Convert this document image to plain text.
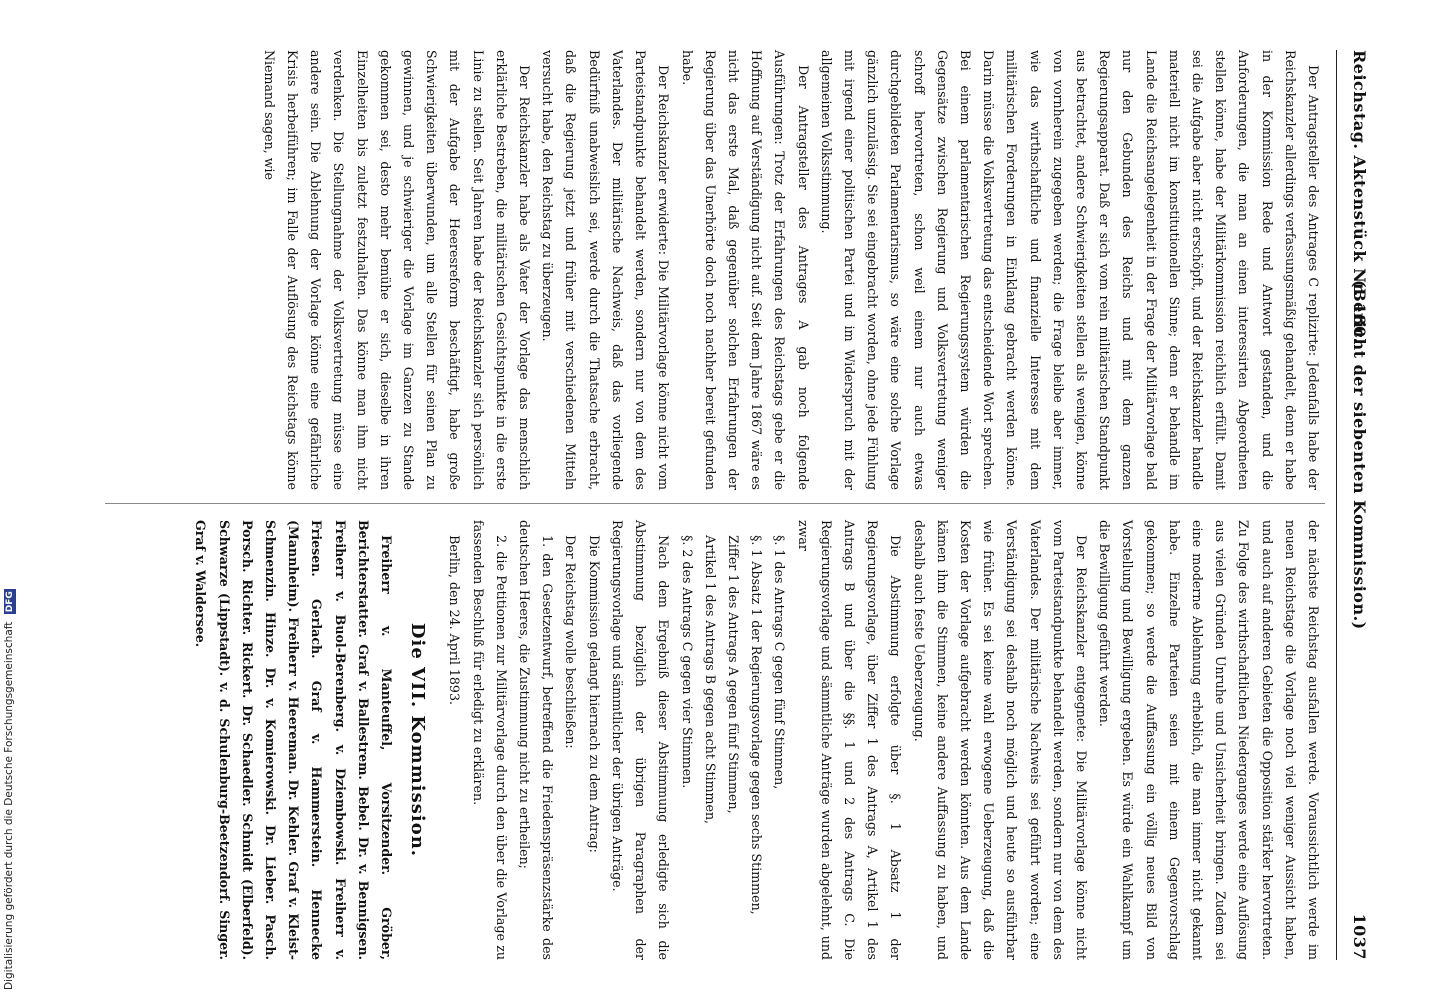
Reichstag. Aktenstück Nr. 180.
(Bericht der siebenten Kommission.)
1037

Der Antragsteller des Antrages C replizirte: Jedenfalls habe der Reichskanzler allerdings verfassungsmäßig gehandelt, denn er habe in der Kommission Rede und Antwort gestanden, und die Anforderungen, die man an einen interessirten Abgeordneten stellen könne, habe der Militärkommission reichlich erfüllt. Damit sei die Aufgabe aber nicht erschöpft, und der Reichskanzler handle materiell nicht im konstitutionellen Sinne; denn er behandle im Lande die Reichsangelegenheit in der Frage der Militärvorlage bald nur den Gebunden des Reichs und mit dem ganzen Regierungsapparat. Daß er sich vom rein militärischen Standpunkt aus betrachtet, andere Schwierigkeiten stellen als wenigen, könne von vornherein zugegeben werden; die Frage bleibe aber immer, wie das wirthschaftliche und finanzielle Interesse mit dem militärischen Forderungen in Einklang gebracht werden könne. Darin müsse die Volksvertretung das entscheidende Wort sprechen. Bei einem parlamentarischen Regierungssystem würden die Gegensätze zwischen Regierung und Volksvertretung weniger schroff hervortreten, schon weil einem nur auch etwas durchgebildeten Parlamentarismus, so wäre eine solche Vorlage gänzlich unzulässig. Sie sei eingebracht worden, ohne jede Fühlung mit irgend einer politischen Partei und im Widerspruch mit der allgemeinen Volksstimmung.

Der Antragsteller des Antrages A gab noch folgende Ausführungen: Trotz der Erfahrungen des Reichstags gebe er die Hoffnung auf Verständigung nicht auf. Seit dem Jahre 1867 wäre es nicht das erste Mal, daß gegenüber solchen Erfahrungen der Regierung über das Unerhörte doch noch nachher bereit gefunden habe.

Der Reichskanzler erwiderte: Die Militärvorlage könne nicht vom Parteistandpunkte behandelt werden, sondern nur von dem des Vaterlandes. Der militärische Nachweis, daß das vorliegende Bedürfniß unabweislich sei, werde durch die Thatsache erbracht, daß die Regierung jetzt und früher mit verschiedenen Mitteln versucht habe, den Reichstag zu überzeugen.

Der Reichskanzler habe als Vater der Vorlage das menschlich erklärliche Bestreben, die militärischen Gesichtspunkte in die erste Linie zu stellen. Seit Jahren habe der Reichskanzler sich persönlich mit der Aufgabe der Heeresreform beschäftigt, habe große Schwierigkeiten überwunden, um alle Stellen für seinen Plan zu gewinnen, und je schwieriger die Vorlage im Ganzen zu Stande gekommen sei, desto mehr bemühe er sich, dieselbe in ihren Einzelheiten bis zuletzt festzuhalten. Das könne man ihm nicht verdenken. Die Stellungnahme der Volksvertretung müsse eine andere sein. Die Ablehnung der Vorlage könne eine gefährliche Krisis herbeiführen; im Falle der Auflösung des Reichstags könne Niemand sagen, wie

der nächste Reichstag ausfallen werde. Voraussichtlich werde im neuen Reichstage die Vorlage noch viel weniger Aussicht haben, und auch auf anderen Gebieten die Opposition stärker hervortreten. Zu Folge des wirthschaftlichen Niederganges werde eine Auflösung aus vielen Gründen Unruhe und Unsicherheit bringen. Zudem sei eine moderne Ablehnung erheblich, die man immer nicht gekannt habe. Einzelne Parteien seien mit einem Gegenvorschlag gekommen; so werde die Auffassung ein völlig neues Bild von Vorstellung und Bewilligung ergeben. Es würde ein Wahlkampf um die Bewilligung geführt werden.

Der Reichskanzler entgegnete: Die Militärvorlage könne nicht vom Parteistandpunkte behandelt werden, sondern nur von dem des Vaterlandes. Der militärische Nachweis sei geführt worden; eine Verständigung sei deshalb noch möglich und heute so ausführbar wie früher. Es sei keine wahl erwogene Ueberzeugung, daß die Kosten der Vorlage aufgebracht werden könnten. Aus dem Lande kämen ihm die Stimmen, keine andere Auffassung zu haben, und deshalb auch feste Ueberzeugung.

Die Abstimmung erfolgte über §. 1 Absatz 1 der Regierungsvorlage, über Ziffer 1 des Antrags A, Artikel 1 des Antrags B und über die §§. 1 und 2 des Antrags C. Die Regierungsvorlage und sämmtliche Anträge wurden abgelehnt, und zwar

§. 1 des Antrags C gegen fünf Stimmen,

§. 1 Absatz 1 der Regierungsvorlage gegen sechs Stimmen,

Ziffer 1 des Antrags A gegen fünf Stimmen,

Artikel 1 des Antrags B gegen acht Stimmen,

§. 2 des Antrags C gegen vier Stimmen.

Nach dem Ergebniß dieser Abstimmung erledigte sich die Abstimmung bezüglich der übrigen Paragraphen der Regierungsvorlage und sämmtlicher der übrigen Anträge.

Die Kommission gelangt hiernach zu dem Antrag:

Der Reichstag wolle beschließen:

1. den Gesetzentwurf, betreffend die Friedenspräsenzstärke des deutschen Heeres, die Zustimmung nicht zu ertheilen;

2. die Petitionen zur Militärvorlage durch den über die Vorlage zu fassenden Beschluß für erledigt zu erklären.

Berlin, den 24. April 1893.

Die VII. Kommission.

Freiherr v. Manteuffel, Vorsitzender. Gröber, Berichterstatter. Graf v. Ballestrem. Bebel. Dr. v. Bennigsen. Freiherr v. Buol-Berenberg. v. Dziembowski. Freiherr v. Friesen. Gerlach. Graf v. Hammerstein. Hennecke (Mannheim). Freiherr v. Heereman. Dr. Kehler. Graf v. Kleist-Schmenzin. Hinze. Dr. v. Komierowski. Dr. Lieber. Pasch. Porsch. Richter. Rickert. Dr. Schaedler. Schmidt (Elberfeld). Schwarze (Lippstadt). v. d. Schulenburg-Beetzendorf. Singer. Graf v. Waldersee.

Digitalisierung gefördert durch die Deutsche Forschungsgemeinschaft DFG
